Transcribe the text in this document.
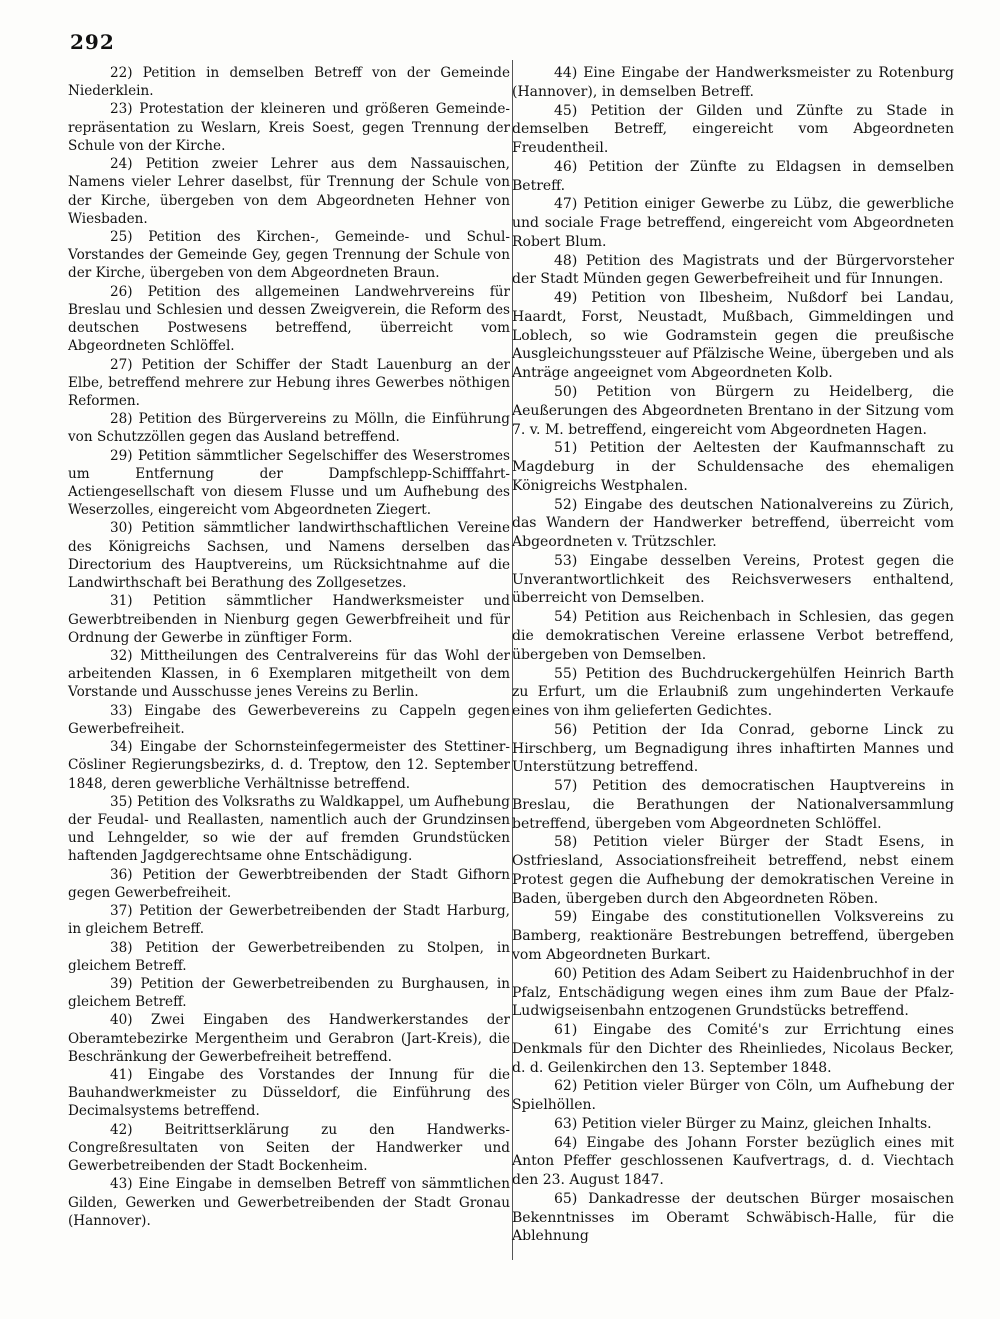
292

22) Petition in demselben Betreff von der Gemeinde Niederklein.

23) Protestation der kleineren und größeren Gemeinde-repräsentation zu Weslarn, Kreis Soest, gegen Trennung der Schule von der Kirche.

24) Petition zweier Lehrer aus dem Nassauischen, Namens vieler Lehrer daselbst, für Trennung der Schule von der Kirche, übergeben von dem Abgeordneten Hehner von Wiesbaden.

25) Petition des Kirchen-, Gemeinde- und Schul-Vorstandes der Gemeinde Gey, gegen Trennung der Schule von der Kirche, übergeben von dem Abgeordneten Braun.

26) Petition des allgemeinen Landwehrvereins für Breslau und Schlesien und dessen Zweigverein, die Reform des deutschen Postwesens betreffend, überreicht vom Abgeordneten Schlöffel.

27) Petition der Schiffer der Stadt Lauenburg an der Elbe, betreffend mehrere zur Hebung ihres Gewerbes nöthigen Reformen.

28) Petition des Bürgervereins zu Mölln, die Einführung von Schutzzöllen gegen das Ausland betreffend.

29) Petition sämmtlicher Segelschiffer des Weserstromes um Entfernung der Dampfschlepp-Schifffahrt-Actiengesellschaft von diesem Flusse und um Aufhebung des Weserzolles, eingereicht vom Abgeordneten Ziegert.

30) Petition sämmtlicher landwirthschaftlichen Vereine des Königreichs Sachsen, und Namens derselben das Directorium des Hauptvereins, um Rücksichtnahme auf die Landwirthschaft bei Berathung des Zollgesetzes.

31) Petition sämmtlicher Handwerksmeister und Gewerbtreibenden in Nienburg gegen Gewerbfreiheit und für Ordnung der Gewerbe in zünftiger Form.

32) Mittheilungen des Centralvereins für das Wohl der arbeitenden Klassen, in 6 Exemplaren mitgetheilt von dem Vorstande und Ausschusse jenes Vereins zu Berlin.

33) Eingabe des Gewerbevereins zu Cappeln gegen Gewerbefreiheit.

34) Eingabe der Schornsteinfegermeister des Stettiner-Cösliner Regierungsbezirks, d. d. Treptow, den 12. September 1848, deren gewerbliche Verhältnisse betreffend.

35) Petition des Volksraths zu Waldkappel, um Aufhebung der Feudal- und Reallasten, namentlich auch der Grundzinsen und Lehngelder, so wie der auf fremden Grundstücken haftenden Jagdgerechtsame ohne Entschädigung.

36) Petition der Gewerbtreibenden der Stadt Gifhorn gegen Gewerbefreiheit.

37) Petition der Gewerbetreibenden der Stadt Harburg, in gleichem Betreff.

38) Petition der Gewerbetreibenden zu Stolpen, in gleichem Betreff.

39) Petition der Gewerbetreibenden zu Burghausen, in gleichem Betreff.

40) Zwei Eingaben des Handwerkerstandes der Oberamtebezirke Mergentheim und Gerabron (Jart-Kreis), die Beschränkung der Gewerbefreiheit betreffend.

41) Eingabe des Vorstandes der Innung für die Bauhandwerkmeister zu Düsseldorf, die Einführung des Decimalsystems betreffend.

42) Beitrittserklärung zu den Handwerks-Congreßresultaten von Seiten der Handwerker und Gewerbetreibenden der Stadt Bockenheim.

43) Eine Eingabe in demselben Betreff von sämmtlichen Gilden, Gewerken und Gewerbetreibenden der Stadt Gronau (Hannover).

44) Eine Eingabe der Handwerksmeister zu Rotenburg (Hannover), in demselben Betreff.

45) Petition der Gilden und Zünfte zu Stade in demselben Betreff, eingereicht vom Abgeordneten Freudentheil.

46) Petition der Zünfte zu Eldagsen in demselben Betreff.

47) Petition einiger Gewerbe zu Lübz, die gewerbliche und sociale Frage betreffend, eingereicht vom Abgeordneten Robert Blum.

48) Petition des Magistrats und der Bürgervorsteher der Stadt Münden gegen Gewerbefreiheit und für Innungen.

49) Petition von Ilbesheim, Nußdorf bei Landau, Haardt, Forst, Neustadt, Mußbach, Gimmeldingen und Loblech, so wie Godramstein gegen die preußische Ausgleichungssteuer auf Pfälzische Weine, übergeben und als Anträge angeeignet vom Abgeordneten Kolb.

50) Petition von Bürgern zu Heidelberg, die Aeußerungen des Abgeordneten Brentano in der Sitzung vom 7. v. M. betreffend, eingereicht vom Abgeordneten Hagen.

51) Petition der Aeltesten der Kaufmannschaft zu Magdeburg in der Schuldensache des ehemaligen Königreichs Westphalen.

52) Eingabe des deutschen Nationalvereins zu Zürich, das Wandern der Handwerker betreffend, überreicht vom Abgeordneten v. Trützschler.

53) Eingabe desselben Vereins, Protest gegen die Unverantwortlichkeit des Reichsverwesers enthaltend, überreicht von Demselben.

54) Petition aus Reichenbach in Schlesien, das gegen die demokratischen Vereine erlassene Verbot betreffend, übergeben von Demselben.

55) Petition des Buchdruckergehülfen Heinrich Barth zu Erfurt, um die Erlaubniß zum ungehinderten Verkaufe eines von ihm gelieferten Gedichtes.

56) Petition der Ida Conrad, geborne Linck zu Hirschberg, um Begnadigung ihres inhaftirten Mannes und Unterstützung betreffend.

57) Petition des democratischen Hauptvereins in Breslau, die Berathungen der Nationalversammlung betreffend, übergeben vom Abgeordneten Schlöffel.

58) Petition vieler Bürger der Stadt Esens, in Ostfriesland, Associationsfreiheit betreffend, nebst einem Protest gegen die Aufhebung der demokratischen Vereine in Baden, übergeben durch den Abgeordneten Röben.

59) Eingabe des constitutionellen Volksvereins zu Bamberg, reaktionäre Bestrebungen betreffend, übergeben vom Abgeordneten Burkart.

60) Petition des Adam Seibert zu Haidenbruchhof in der Pfalz, Entschädigung wegen eines ihm zum Baue der Pfalz-Ludwigseisenbahn entzogenen Grundstücks betreffend.

61) Eingabe des Comité's zur Errichtung eines Denkmals für den Dichter des Rheinliedes, Nicolaus Becker, d. d. Geilenkirchen den 13. September 1848.

62) Petition vieler Bürger von Cöln, um Aufhebung der Spielhöllen.

63) Petition vieler Bürger zu Mainz, gleichen Inhalts.

64) Eingabe des Johann Forster bezüglich eines mit Anton Pfeffer geschlossenen Kaufvertrags, d. d. Viechtach den 23. August 1847.

65) Dankadresse der deutschen Bürger mosaischen Bekenntnisses im Oberamt Schwäbisch-Halle, für die Ablehnung
